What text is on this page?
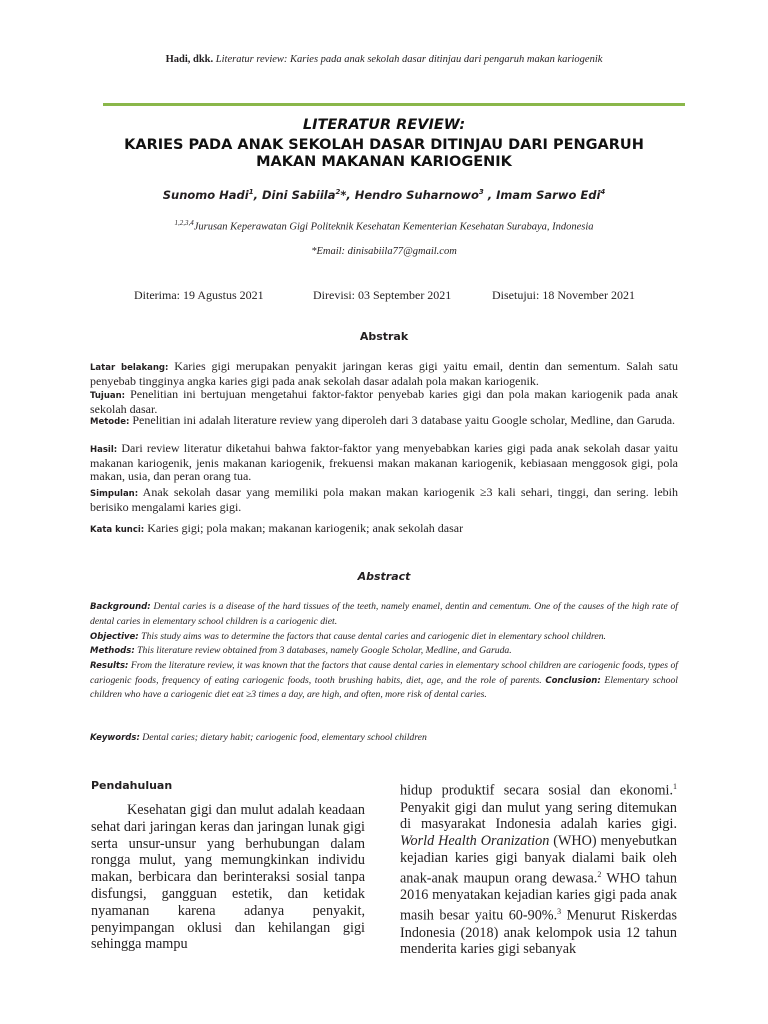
Hadi, dkk. Literatur review: Karies pada anak sekolah dasar ditinjau dari pengaruh makan kariogenik
LITERATUR REVIEW:
KARIES PADA ANAK SEKOLAH DASAR DITINJAU DARI PENGARUH
MAKAN MAKANAN KARIOGENIK
Sunomo Hadi$^1$, Dini Sabiila$^2$*, Hendro Suharnowo$^3$ , Imam Sarwo Edi$^4$
$^{1,2,3,4}$Jurusan Keperawatan Gigi Politeknik Kesehatan Kementerian Kesehatan Surabaya, Indonesia
*Email: dinisabiila77@gmail.com
Diterima: 19 Agustus 2021	Direvisi: 03 September 2021	Disetujui: 18 November 2021
Abstrak
Latar belakang: Karies gigi merupakan penyakit jaringan keras gigi yaitu email, dentin dan sementum. Salah satu penyebab tingginya angka karies gigi pada anak sekolah dasar adalah pola makan kariogenik.
Tujuan: Penelitian ini bertujuan mengetahui faktor-faktor penyebab karies gigi dan pola makan kariogenik pada anak sekolah dasar.
Metode: Penelitian ini adalah literature review yang diperoleh dari 3 database yaitu Google scholar, Medline, dan Garuda.
Hasil: Dari review literatur diketahui bahwa faktor-faktor yang menyebabkan karies gigi pada anak sekolah dasar yaitu makanan kariogenik, jenis makanan kariogenik, frekuensi makan makanan kariogenik, kebiasaan menggosok gigi, pola makan, usia, dan peran orang tua.
Simpulan: Anak sekolah dasar yang memiliki pola makan makan kariogenik ≥3 kali sehari, tinggi, dan sering. lebih berisiko mengalami karies gigi.
Kata kunci: Karies gigi; pola makan; makanan kariogenik; anak sekolah dasar
Abstract
Background: Dental caries is a disease of the hard tissues of the teeth, namely enamel, dentin and cementum. One of the causes of the high rate of dental caries in elementary school children is a cariogenic diet.
Objective: This study aims was to determine the factors that cause dental caries and cariogenic diet in elementary school children.
Methods: This literature review obtained from 3 databases, namely Google Scholar, Medline, and Garuda.
Results: From the literature review, it was known that the factors that cause dental caries in elementary school children are cariogenic foods, types of cariogenic foods, frequency of eating cariogenic foods, tooth brushing habits, diet, age, and the role of parents. Conclusion: Elementary school children who have a cariogenic diet eat ≥3 times a day, are high, and often, more risk of dental caries.
Keywords: Dental caries; dietary habit; cariogenic food, elementary school children
Pendahuluan
Kesehatan gigi dan mulut adalah keadaan sehat dari jaringan keras dan jaringan lunak gigi serta unsur-unsur yang berhubungan dalam rongga mulut, yang memungkinkan individu makan, berbicara dan berinteraksi sosial tanpa disfungsi, gangguan estetik, dan ketidak nyamanan karena adanya penyakit, penyimpangan oklusi dan kehilangan gigi sehingga mampu
hidup produktif secara sosial dan ekonomi.$^1$ Penyakit gigi dan mulut yang sering ditemukan di masyarakat Indonesia adalah karies gigi. World Health Oranization (WHO) menyebutkan kejadian karies gigi banyak dialami baik oleh anak-anak maupun orang dewasa.$^2$ WHO tahun 2016 menyatakan kejadian karies gigi pada anak masih besar yaitu 60-90%.$^3$ Menurut Riskerdas Indonesia (2018) anak kelompok usia 12 tahun menderita karies gigi sebanyak
